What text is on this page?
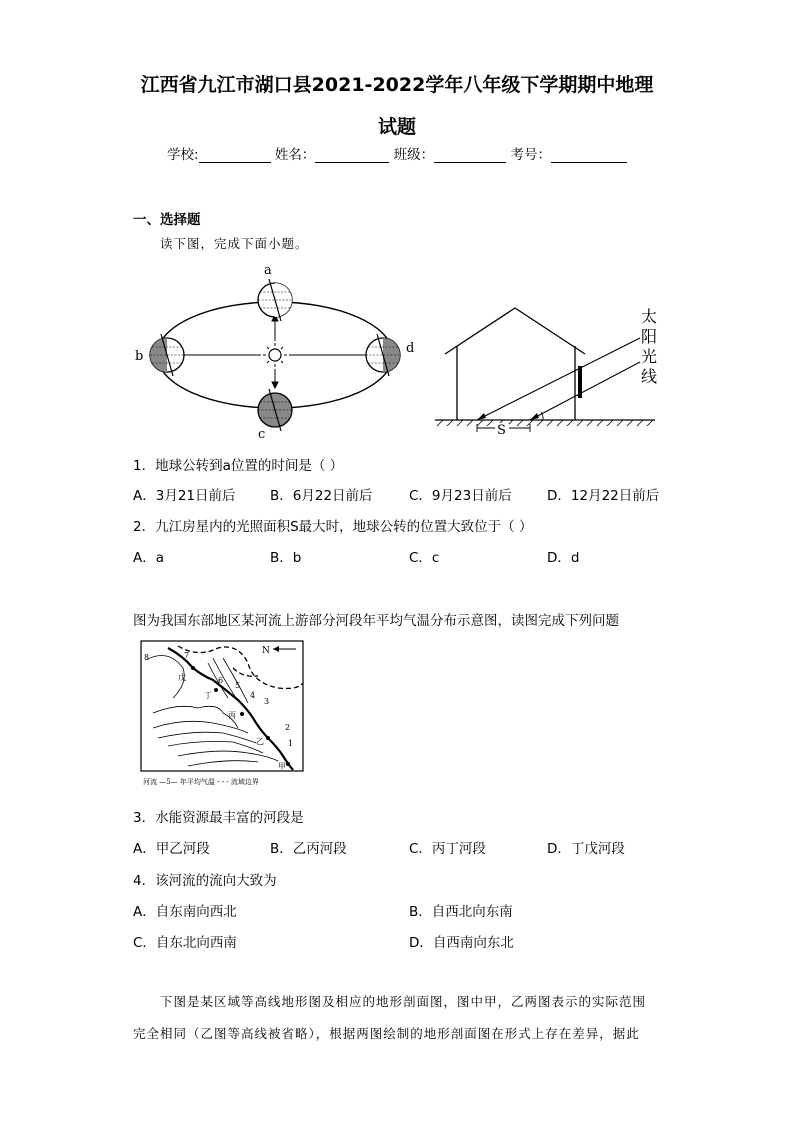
江西省九江市湖口县2021-2022学年八年级下学期期中地理
试题
学校:	姓名：	班级：	考号：
一、选择题
读下图，完成下面小题。
a
c
b
d
S
太阳光线
1．地球公转到a位置的时间是（ ）
A．3月21日前后	B．6月22日前后	C．9月23日前后	D．12月22日前后
2．九江房星内的光照面积S最大时，地球公转的位置大致位于（ ）
A．a	B．b	C．c	D．d
图为我国东部地区某河流上游部分河段年平均气温分布示意图，读图完成下列问题
N
8	7
6
5
4
3
2
1
戊
丁
丙
乙
甲
河流 —5— 年平均气温 - - - 流域边界
3．水能资源最丰富的河段是
A．甲乙河段	B．乙丙河段	C．丙丁河段	D．丁戊河段
4．该河流的流向大致为
A．自东南向西北	B．自西北向东南
C．自东北向西南	D．自西南向东北
下图是某区域等高线地形图及相应的地形剖面图，图中甲，乙两图表示的实际范围
完全相同（乙图等高线被省略），根据两图绘制的地形剖面图在形式上存在差异，据此
